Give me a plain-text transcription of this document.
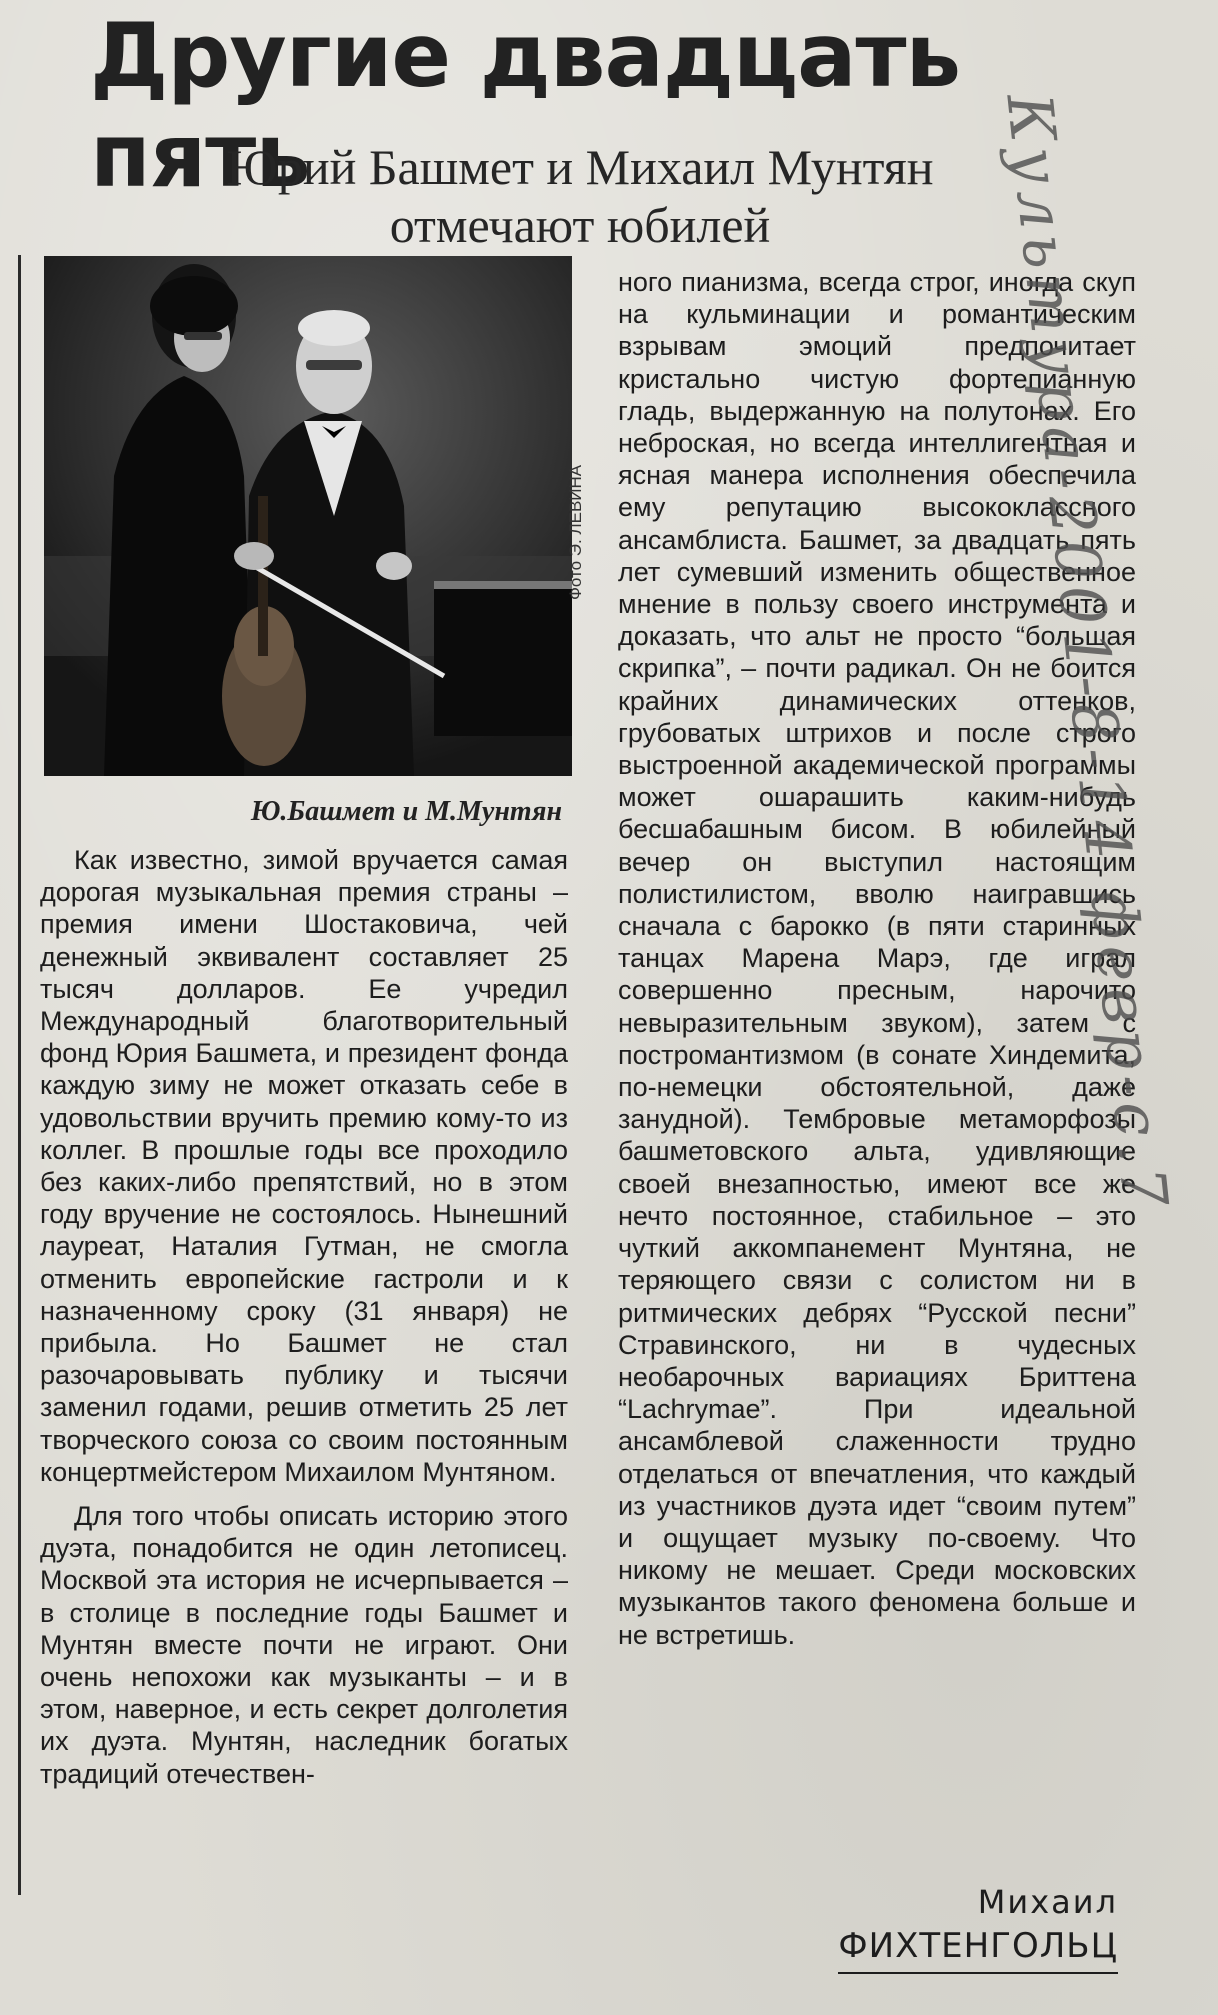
Другие двадцать пять
Юрий Башмет и Михаил Мунтян
отмечают юбилей
Фото Э. ЛЕВИНА

Ю.Башмет и М.Мунтян

Как известно, зимой вручается самая дорогая музыкальная премия страны – премия имени Шостаковича, чей денежный эквивалент составляет 25 тысяч долларов. Ее учредил Международный благотворительный фонд Юрия Башмета, и президент фонда каждую зиму не может отказать себе в удовольствии вручить премию кому-то из коллег. В прошлые годы все проходило без каких-либо препятствий, но в этом году вручение не состоялось. Нынешний лауреат, Наталия Гутман, не смогла отменить европейские гастроли и к назначенному сроку (31 января) не прибыла. Но Башмет не стал разочаровывать публику и тысячи заменил годами, решив отметить 25 лет творческого союза со своим постоянным концертмейстером Михаилом Мунтяном.

Для того чтобы описать историю этого дуэта, понадобится не один летописец. Москвой эта история не исчерпывается – в столице в последние годы Башмет и Мунтян вместе почти не играют. Они очень непохожи как музыканты – и в этом, наверное, и есть секрет долголетия их дуэта. Мунтян, наследник богатых традиций отечествен-

ного пианизма, всегда строг, иногда скуп на кульминации и романтическим взрывам эмоций предпочитает кристально чистую фортепианную гладь, выдержанную на полутонах. Его неброская, но всегда интеллигентная и ясная манера исполнения обеспечила ему репутацию высококлассного ансамблиста. Башмет, за двадцать пять лет сумевший изменить общественное мнение в пользу своего инструмента и доказать, что альт не просто “большая скрипка”, – почти радикал. Он не боится крайних динамических оттенков, грубоватых штрихов и после строго выстроенной академической программы может ошарашить каким-нибудь бесшабашным бисом. В юбилейный вечер он выступил настоящим полистилистом, вволю наигравшись сначала с барокко (в пяти старинных танцах Марена Марэ, где играл совершенно пресным, нарочито невыразительным звуком), затем с постромантизмом (в сонате Хиндемита, по-немецки обстоятельной, даже занудной). Тембровые метаморфозы башметовского альта, удивляющие своей внезапностью, имеют все же нечто постоянное, стабильное – это чуткий аккомпанемент Мунтяна, не теряющего связи с солистом ни в ритмических дебрях “Русской песни” Стравинского, ни в чудесных необарочных вариациях Бриттена “Lachrymae”. При идеальной ансамблевой слаженности трудно отделаться от впечатления, что каждый из участников дуэта идет “своим путем” и ощущает музыку по-своему. Что никому не мешает. Среди московских музыкантов такого феномена больше и не встретишь.

Михаил
ФИХТЕНГОЛЬЦ
Культура-2001-8-14 февр-с.7
